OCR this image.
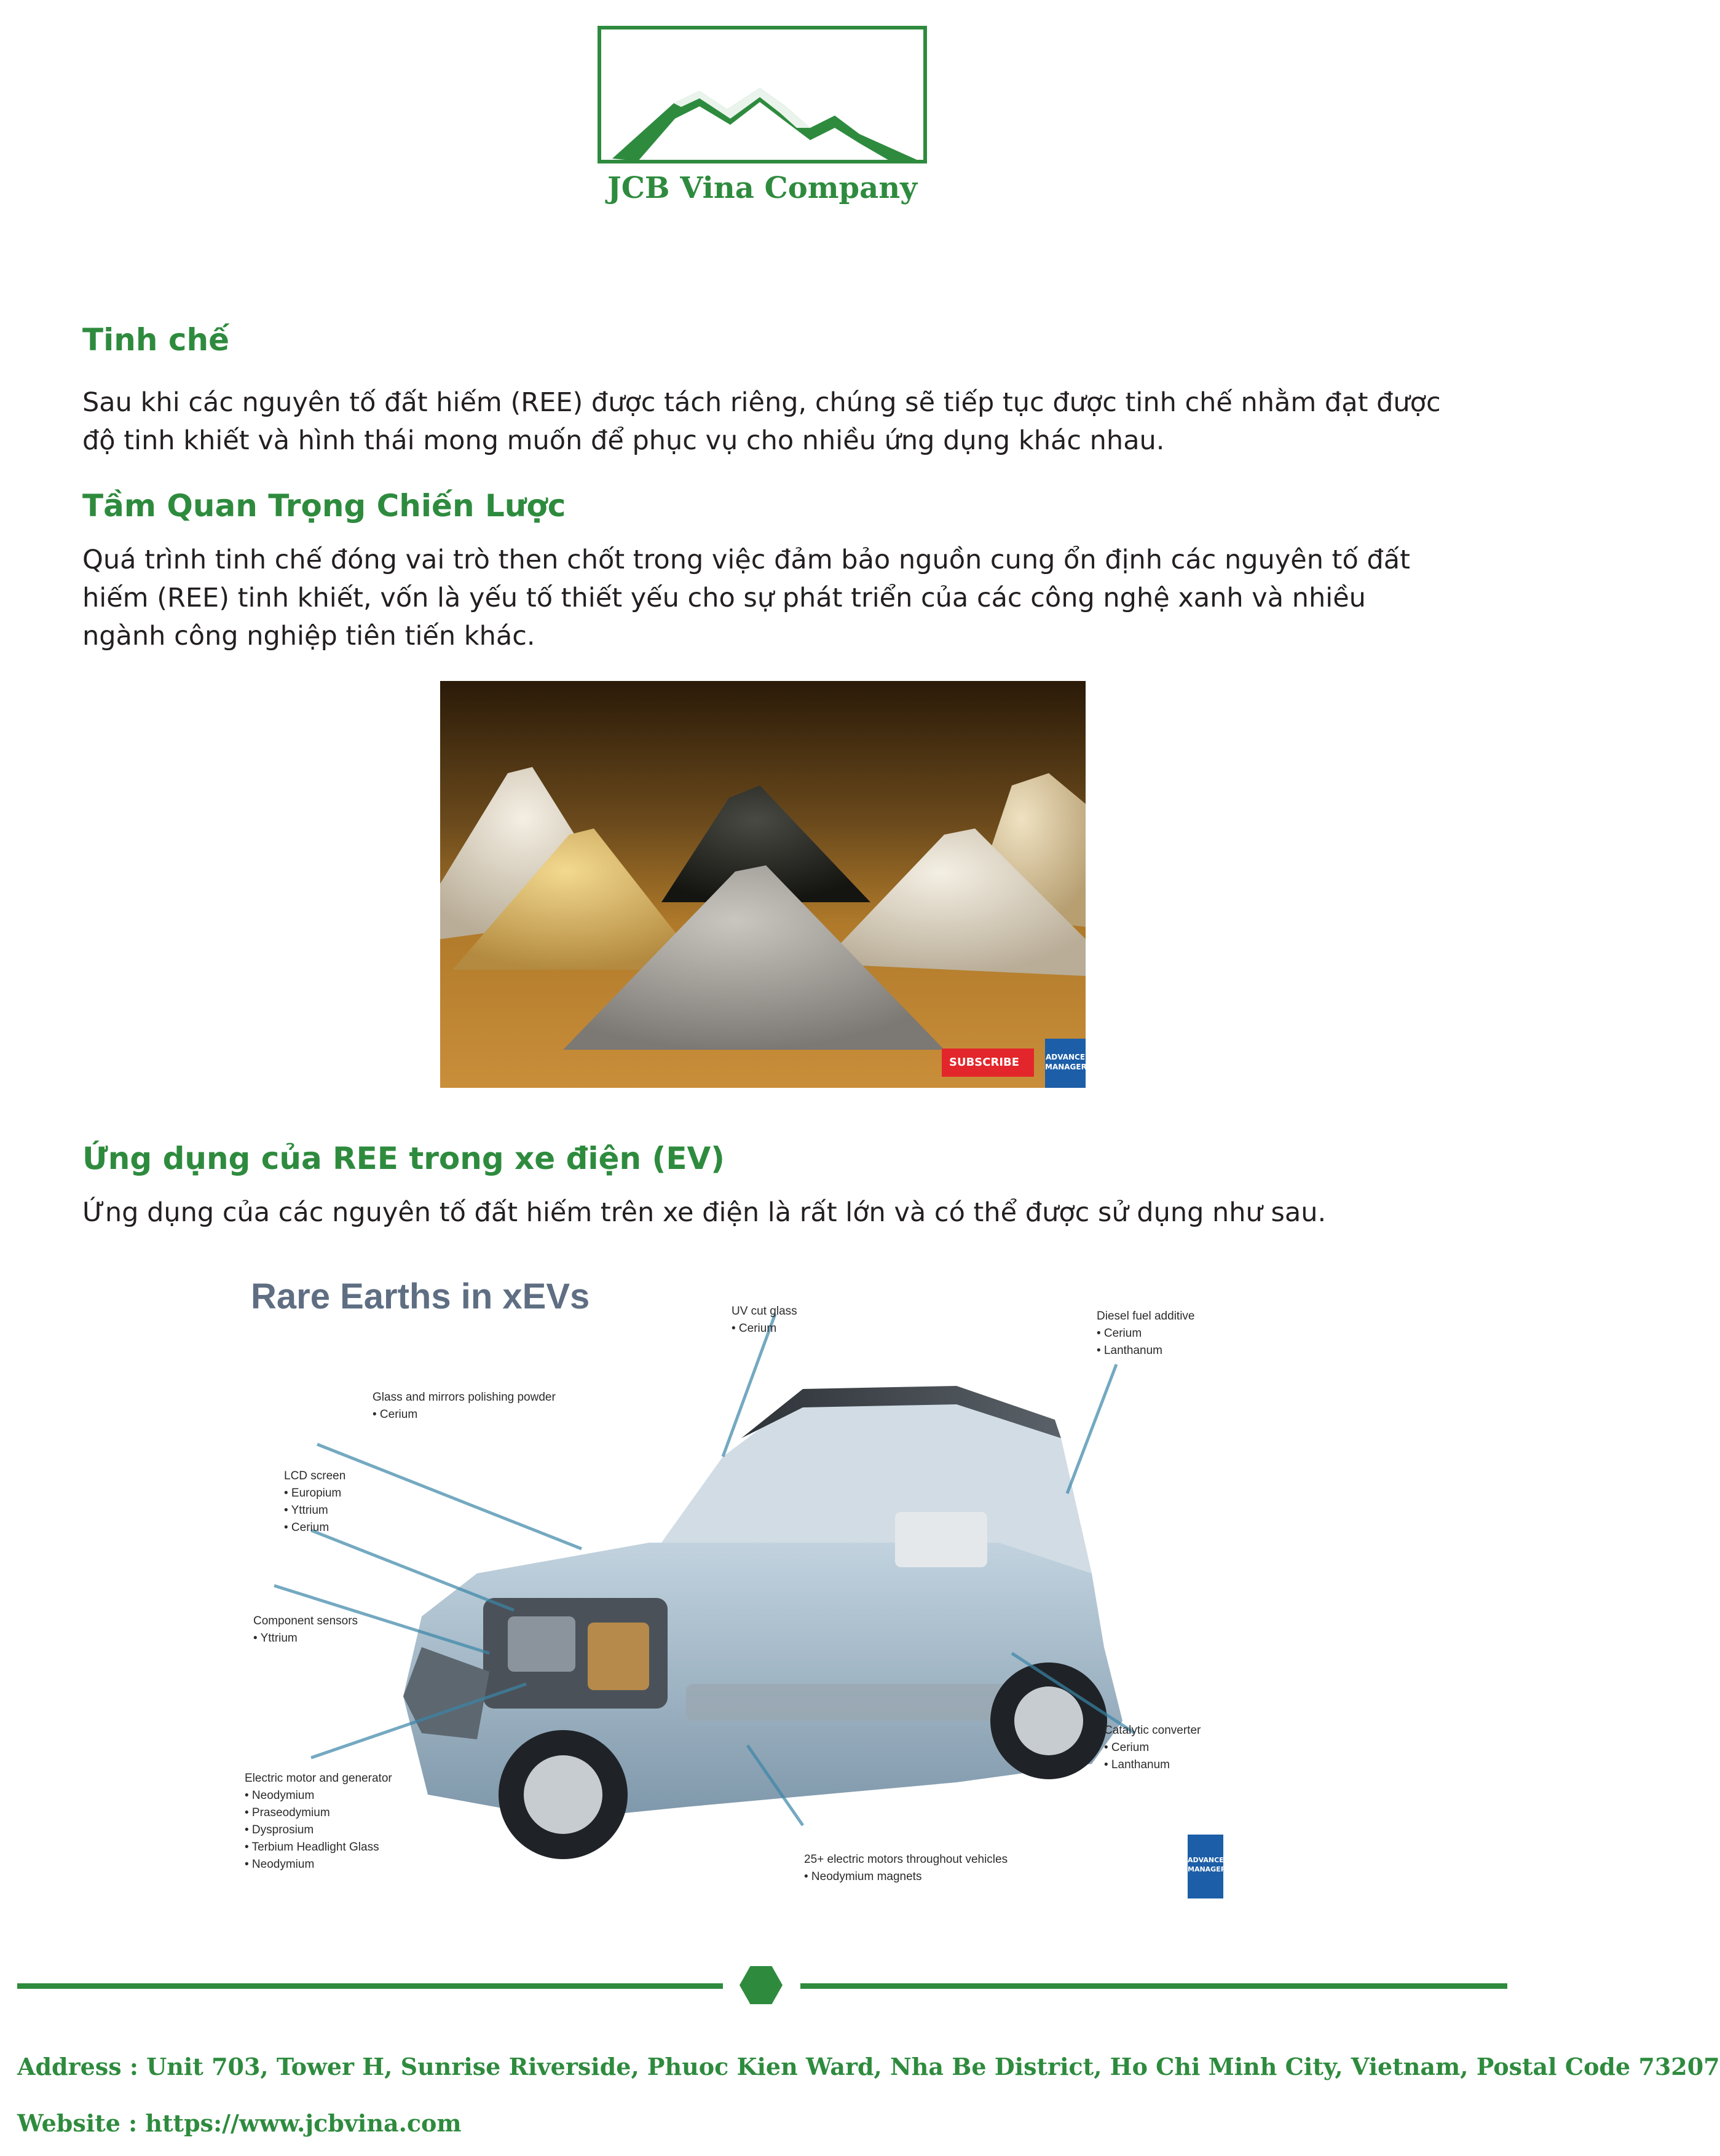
JCB Vina Company
Tinh chế
Sau khi các nguyên tố đất hiếm (REE) được tách riêng, chúng sẽ tiếp tục được tinh chế nhằm đạt được độ tinh khiết và hình thái mong muốn để phục vụ cho nhiều ứng dụng khác nhau.
Tầm Quan Trọng Chiến Lược
Quá trình tinh chế đóng vai trò then chốt trong việc đảm bảo nguồn cung ổn định các nguyên tố đất hiếm (REE) tinh khiết, vốn là yếu tố thiết yếu cho sự phát triển của các công nghệ xanh và nhiều ngành công nghiệp tiên tiến khác.
SUBSCRIBE	ADVANCE MANAGER
Ứng dụng của REE trong xe điện (EV)
Ứng dụng của các nguyên tố đất hiếm trên xe điện là rất lớn và có thể được sử dụng như sau.
Rare Earths in xEVs	UV cut glass
• Cerium
Diesel fuel additive
• Cerium
• Lanthanum
Glass and mirrors polishing powder
• Cerium
LCD screen
• Europium
• Yttrium
• Cerium
Component sensors
• Yttrium
Catalytic converter
• Cerium
• Lanthanum
Electric motor and generator
• Neodymium
• Praseodymium
• Dysprosium
• Terbium Headlight Glass
• Neodymium	25+ electric motors throughout vehicles
• Neodymium magnets
ADVANCE MANAGER
Address : Unit 703, Tower H, Sunrise Riverside, Phuoc Kien Ward, Nha Be District, Ho Chi Minh City, Vietnam, Postal Code 73207
Website : https://www.jcbvina.com
